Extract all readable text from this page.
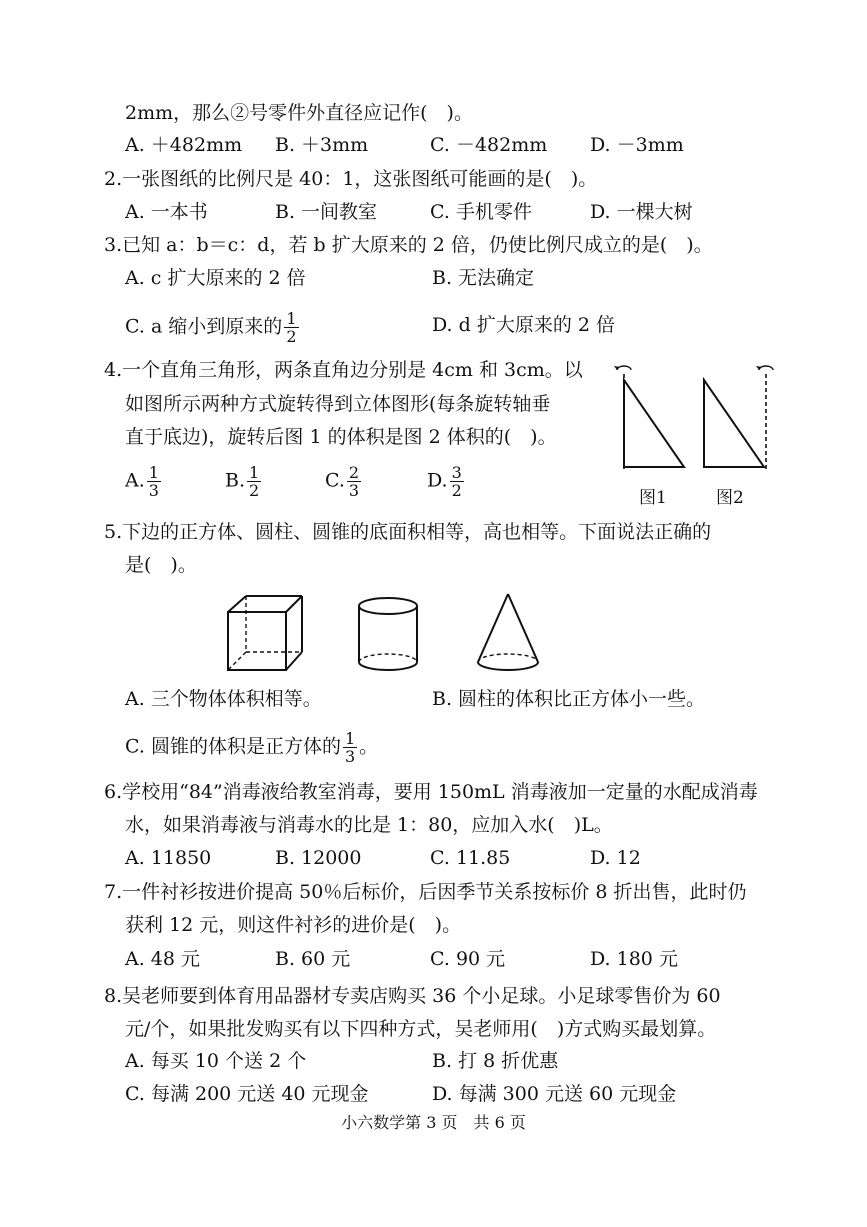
2mm，那么②号零件外直径应记作(　)。
A. ＋482mm B. ＋3mm	C. －482mm D. －3mm
2.一张图纸的比例尺是 40：1，这张图纸可能画的是(　)。
A. 一本书	B. 一间教室	C. 手机零件	D. 一棵大树
3.已知 a：b＝c：d，若 b 扩大原来的 2 倍，仍使比例尺成立的是(　)。
A. c 扩大原来的 2 倍	B. 无法确定
C. a 缩小到原来的 $\frac{1}{2}$	D. d 扩大原来的 2 倍
4.一个直角三角形，两条直角边分别是 4cm 和 3cm。以
如图所示两种方式旋转得到立体图形(每条旋转轴垂
直于底边)，旋转后图 1 的体积是图 2 体积的(　)。
A. $\frac{1}{3}$	B. $\frac{1}{2}$	C. $\frac{2}{3}$	D. $\frac{3}{2}$	图1	图2
5.下边的正方体、圆柱、圆锥的底面积相等，高也相等。下面说法正确的
是(　)。
A. 三个物体体积相等。	B. 圆柱的体积比正方体小一些。
C. 圆锥的体积是正方体的 $\frac{1}{3}$ 。
6.学校用“84”消毒液给教室消毒，要用 150mL 消毒液加一定量的水配成消毒
水，如果消毒液与消毒水的比是 1：80，应加入水(　)L。
A. 11850	B. 12000	C. 11.85	D. 12
7.一件衬衫按进价提高 50％后标价，后因季节关系按标价 8 折出售，此时仍
获利 12 元，则这件衬衫的进价是(　)。
A. 48 元	B. 60 元	C. 90 元	D. 180 元
8.吴老师要到体育用品器材专卖店购买 36 个小足球。小足球零售价为 60
元/个，如果批发购买有以下四种方式，吴老师用(　)方式购买最划算。
A. 每买 10 个送 2 个	B. 打 8 折优惠
C. 每满 200 元送 40 元现金	D. 每满 300 元送 60 元现金
小六数学第 3 页　共 6 页
